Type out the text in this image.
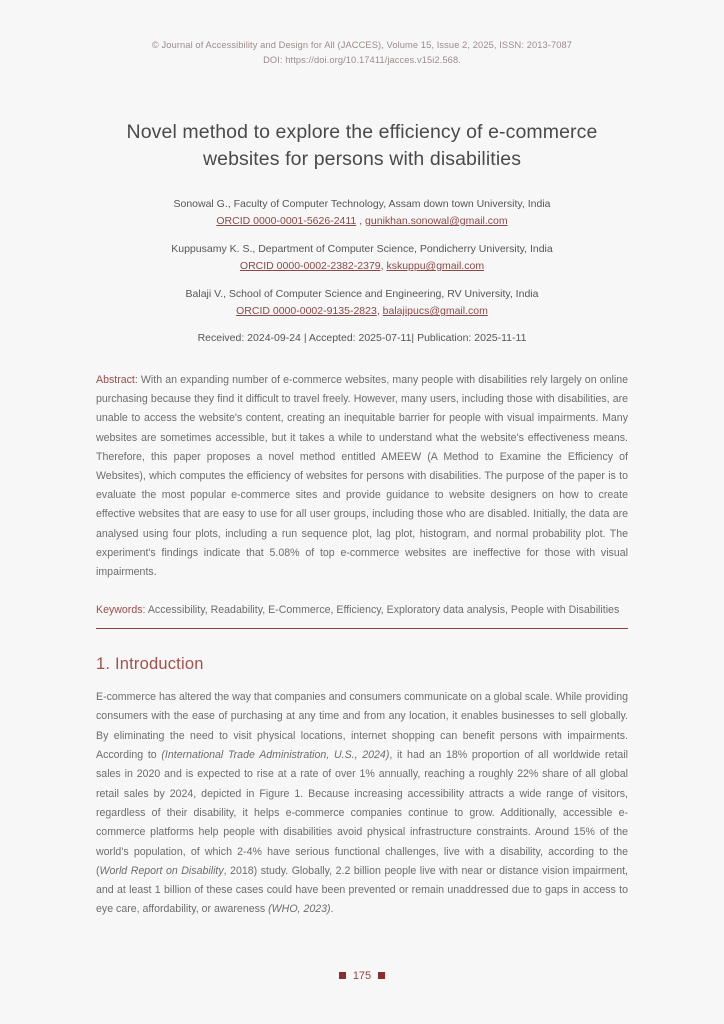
© Journal of Accessibility and Design for All (JACCES), Volume 15, Issue 2, 2025, ISSN: 2013-7087
DOI: https://doi.org/10.17411/jacces.v15i2.568.
Novel method to explore the efficiency of e-commerce
websites for persons with disabilities
Sonowal G., Faculty of Computer Technology, Assam down town University, India
ORCID 0000-0001-5626-2411 , gunikhan.sonowal@gmail.com
Kuppusamy K. S., Department of Computer Science, Pondicherry University, India
ORCID 0000-0002-2382-2379, kskuppu@gmail.com
Balaji V., School of Computer Science and Engineering, RV University, India
ORCID 0000-0002-9135-2823, balajipucs@gmail.com
Received: 2024-09-24 | Accepted: 2025-07-11| Publication: 2025-11-11
Abstract: With an expanding number of e-commerce websites, many people with disabilities rely largely on online purchasing because they find it difficult to travel freely. However, many users, including those with disabilities, are unable to access the website's content, creating an inequitable barrier for people with visual impairments. Many websites are sometimes accessible, but it takes a while to understand what the website's effectiveness means. Therefore, this paper proposes a novel method entitled AMEEW (A Method to Examine the Efficiency of Websites), which computes the efficiency of websites for persons with disabilities. The purpose of the paper is to evaluate the most popular e-commerce sites and provide guidance to website designers on how to create effective websites that are easy to use for all user groups, including those who are disabled. Initially, the data are analysed using four plots, including a run sequence plot, lag plot, histogram, and normal probability plot. The experiment's findings indicate that 5.08% of top e-commerce websites are ineffective for those with visual impairments.
Keywords: Accessibility, Readability, E-Commerce, Efficiency, Exploratory data analysis, People with Disabilities
1. Introduction

E-commerce has altered the way that companies and consumers communicate on a global scale. While providing consumers with the ease of purchasing at any time and from any location, it enables businesses to sell globally. By eliminating the need to visit physical locations, internet shopping can benefit persons with impairments. According to (International Trade Administration, U.S., 2024), it had an 18% proportion of all worldwide retail sales in 2020 and is expected to rise at a rate of over 1% annually, reaching a roughly 22% share of all global retail sales by 2024, depicted in Figure 1. Because increasing accessibility attracts a wide range of visitors, regardless of their disability, it helps e-commerce companies continue to grow. Additionally, accessible e-commerce platforms help people with disabilities avoid physical infrastructure constraints. Around 15% of the world's population, of which 2-4% have serious functional challenges, live with a disability, according to the (World Report on Disability, 2018) study. Globally, 2.2 billion people live with near or distance vision impairment, and at least 1 billion of these cases could have been prevented or remain unaddressed due to gaps in access to eye care, affordability, or awareness (WHO, 2023).

175
